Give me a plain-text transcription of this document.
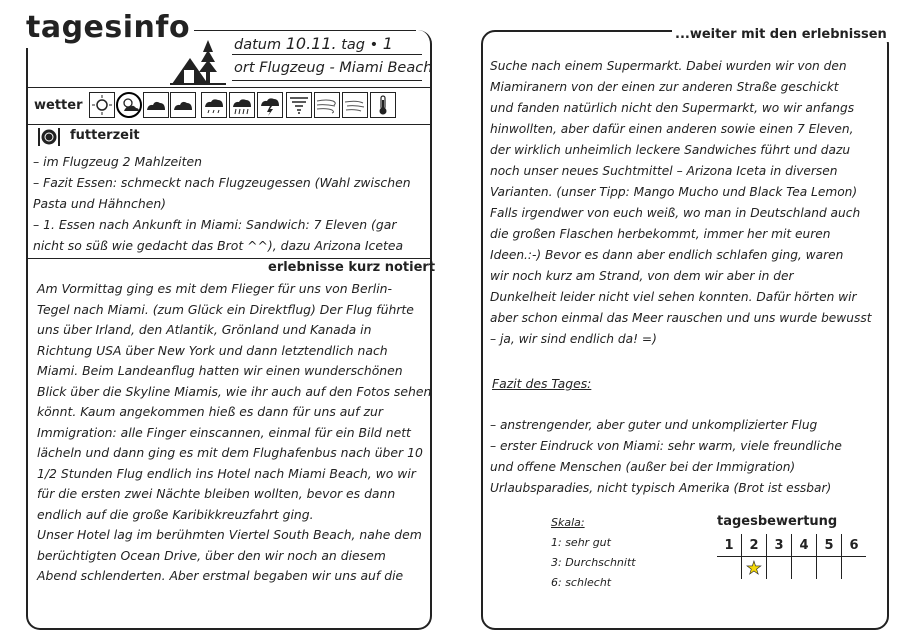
tagesinfo	datum 10.11. tag • 1
ort Flugzeug - Miami Beach
wetter
futterzeit
– im Flugzeug 2 Mahlzeiten
– Fazit Essen: schmeckt nach Flugzeugessen (Wahl zwischen
Pasta und Hähnchen)
– 1. Essen nach Ankunft in Miami: Sandwich: 7 Eleven (gar
nicht so süß wie gedacht das Brot ^^), dazu Arizona Icetea
erlebnisse kurz notiert
Am Vormittag ging es mit dem Flieger für uns von Berlin-
Tegel nach Miami. (zum Glück ein Direktflug) Der Flug führte
uns über Irland, den Atlantik, Grönland und Kanada in
Richtung USA über New York und dann letztendlich nach
Miami. Beim Landeanflug hatten wir einen wunderschönen
Blick über die Skyline Miamis, wie ihr auch auf den Fotos sehen
könnt. Kaum angekommen hieß es dann für uns auf zur
Immigration: alle Finger einscannen, einmal für ein Bild nett
lächeln und dann ging es mit dem Flughafenbus nach über 10
1/2 Stunden Flug endlich ins Hotel nach Miami Beach, wo wir
für die ersten zwei Nächte bleiben wollten, bevor es dann
endlich auf die große Karibikkreuzfahrt ging.
Unser Hotel lag im berühmten Viertel South Beach, nahe dem
berüchtigten Ocean Drive, über den wir noch an diesem
Abend schlenderten. Aber erstmal begaben wir uns auf die
...weiter mit den erlebnissen
Suche nach einem Supermarkt. Dabei wurden wir von den
Miamiranern von der einen zur anderen Straße geschickt
und fanden natürlich nicht den Supermarkt, wo wir anfangs
hinwollten, aber dafür einen anderen sowie einen 7 Eleven,
der wirklich unheimlich leckere Sandwiches führt und dazu
noch unser neues Suchtmittel – Arizona Iceta in diversen
Varianten. (unser Tipp: Mango Mucho und Black Tea Lemon)
Falls irgendwer von euch weiß, wo man in Deutschland auch
die großen Flaschen herbekommt, immer her mit euren
Ideen.:-) Bevor es dann aber endlich schlafen ging, waren
wir noch kurz am Strand, von dem wir aber in der
Dunkelheit leider nicht viel sehen konnten. Dafür hörten wir
aber schon einmal das Meer rauschen und uns wurde bewusst
– ja, wir sind endlich da! =)
Fazit des Tages:
– anstrengender, aber guter und unkomplizierter Flug
– erster Eindruck von Miami: sehr warm, viele freundliche
und offene Menschen (außer bei der Immigration)
Urlaubsparadies, nicht typisch Amerika (Brot ist essbar)
Skala:
1: sehr gut
3: Durchschnitt
6: schlecht
tagesbewertung
1	2	3	4	5	6
	★				
